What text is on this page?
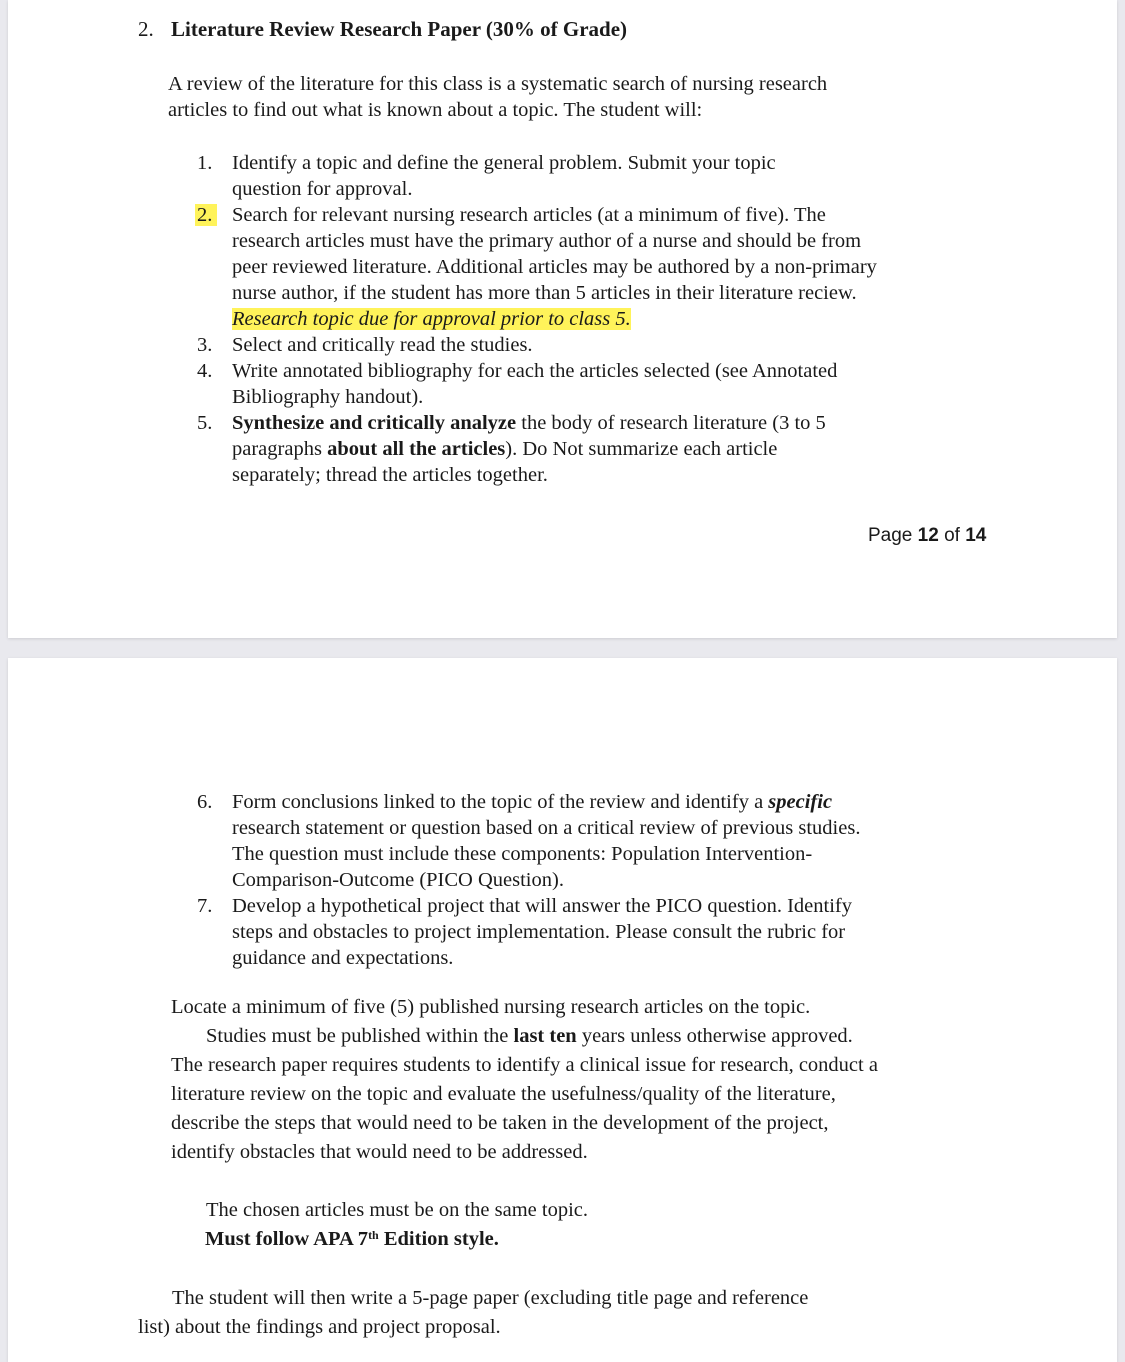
2. Literature Review Research Paper (30% of Grade)
A review of the literature for this class is a systematic search of nursing research
articles to find out what is known about a topic. The student will:
1. Identify a topic and define the general problem. Submit your topic question for approval.
2. Search for relevant nursing research articles (at a minimum of five). The research articles must have the primary author of a nurse and should be from peer reviewed literature. Additional articles may be authored by a non-primary nurse author, if the student has more than 5 articles in their literature reciew. Research topic due for approval prior to class 5.
3. Select and critically read the studies.
4. Write annotated bibliography for each the articles selected (see Annotated Bibliography handout).
5. Synthesize and critically analyze the body of research literature (3 to 5 paragraphs about all the articles). Do Not summarize each article separately; thread the articles together.
Page 12 of 14
6. Form conclusions linked to the topic of the review and identify a specific research statement or question based on a critical review of previous studies. The question must include these components: Population Intervention-Comparison-Outcome (PICO Question).
7. Develop a hypothetical project that will answer the PICO question. Identify steps and obstacles to project implementation. Please consult the rubric for guidance and expectations.
Locate a minimum of five (5) published nursing research articles on the topic.
Studies must be published within the last ten years unless otherwise approved. The research paper requires students to identify a clinical issue for research, conduct a literature review on the topic and evaluate the usefulness/quality of the literature, describe the steps that would need to be taken in the development of the project, identify obstacles that would need to be addressed.
The chosen articles must be on the same topic.
Must follow APA 7th Edition style.
The student will then write a 5-page paper (excluding title page and reference
list) about the findings and project proposal.
